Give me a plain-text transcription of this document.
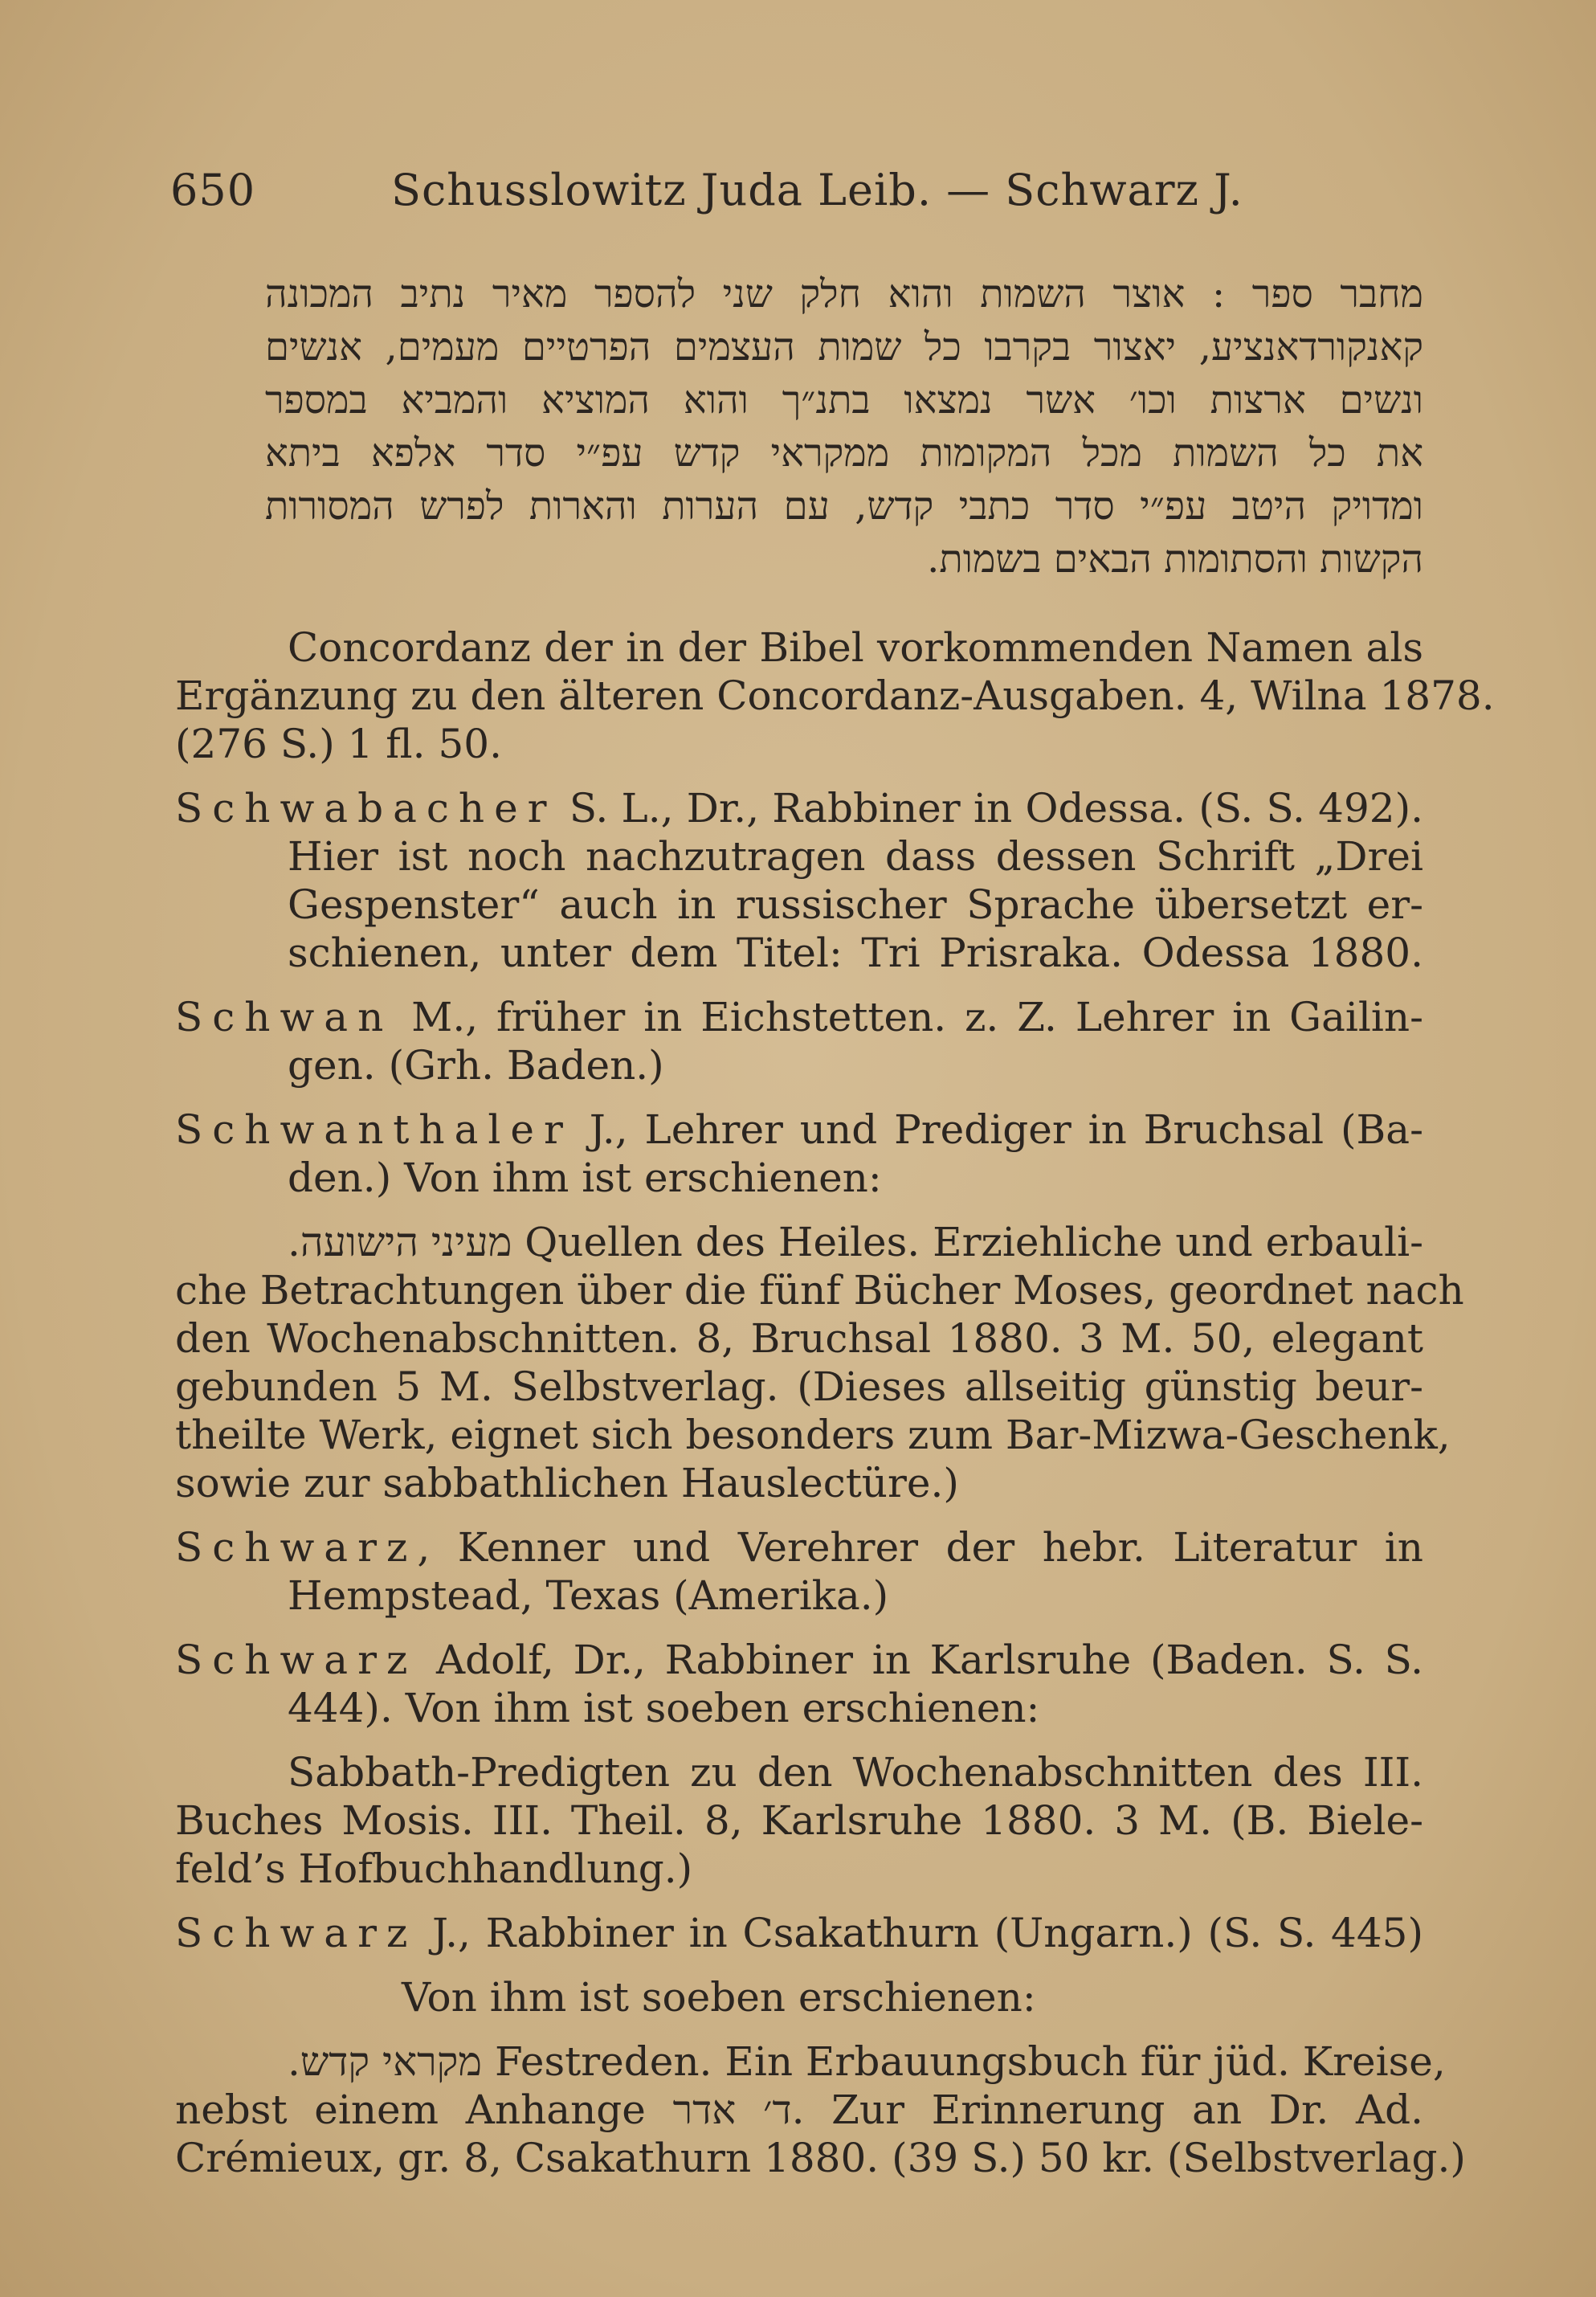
650	Schusslowitz Juda Leib. — Schwarz J.
מחבר ספר : אוצר השמות והוא חלק שני להספר מאיר נתיב המכונה
קאנקורדאנציע, יאצור בקרבו כל שמות העצמים הפרטיים מעמים, אנשים
ונשים ארצות וכו׳ אשר נמצאו בתנ״ך והוא המוציא והמביא במספר
את כל השמות מכל המקומות ממקראי קדש עפ״י סדר אלפא ביתא
ומדויק היטב עפ״י סדר כתבי קדש, עם הערות והארות לפרש המסורות
הקשות והסתומות הבאים בשמות.
Concordanz der in der Bibel vorkommenden Namen als
Ergänzung zu den älteren Concordanz-Ausgaben. 4, Wilna 1878.
(276 S.) 1 fl. 50.
Schwabacher S. L., Dr., Rabbiner in Odessa. (S. S. 492).
Hier ist noch nachzutragen dass dessen Schrift „Drei
Gespenster“ auch in russischer Sprache übersetzt er-
schienen, unter dem Titel: Tri Prisraka. Odessa 1880.
Schwan M., früher in Eichstetten. z. Z. Lehrer in Gailin-
gen. (Grh. Baden.)
Schwanthaler J., Lehrer und Prediger in Bruchsal (Ba-
den.) Von ihm ist erschienen:
מעיני הישועה. Quellen des Heiles. Erziehliche und erbauli-
che Betrachtungen über die fünf Bücher Moses, geordnet nach
den Wochenabschnitten. 8, Bruchsal 1880. 3 M. 50, elegant
gebunden 5 M. Selbstverlag. (Dieses allseitig günstig beur-
theilte Werk, eignet sich besonders zum Bar-Mizwa-Geschenk,
sowie zur sabbathlichen Hauslectüre.)
Schwarz, Kenner und Verehrer der hebr. Literatur in
Hempstead, Texas (Amerika.)
Schwarz Adolf, Dr., Rabbiner in Karlsruhe (Baden. S. S.
444). Von ihm ist soeben erschienen:
Sabbath-Predigten zu den Wochenabschnitten des III.
Buches Mosis. III. Theil. 8, Karlsruhe 1880. 3 M. (B. Biele-
feld’s Hofbuchhandlung.)
Schwarz J., Rabbiner in Csakathurn (Ungarn.) (S. S. 445)
Von ihm ist soeben erschienen:
מקראי קדש. Festreden. Ein Erbauungsbuch für jüd. Kreise,
nebst einem Anhange ד׳ אדר. Zur Erinnerung an Dr. Ad.
Crémieux, gr. 8, Csakathurn 1880. (39 S.) 50 kr. (Selbstverlag.)
